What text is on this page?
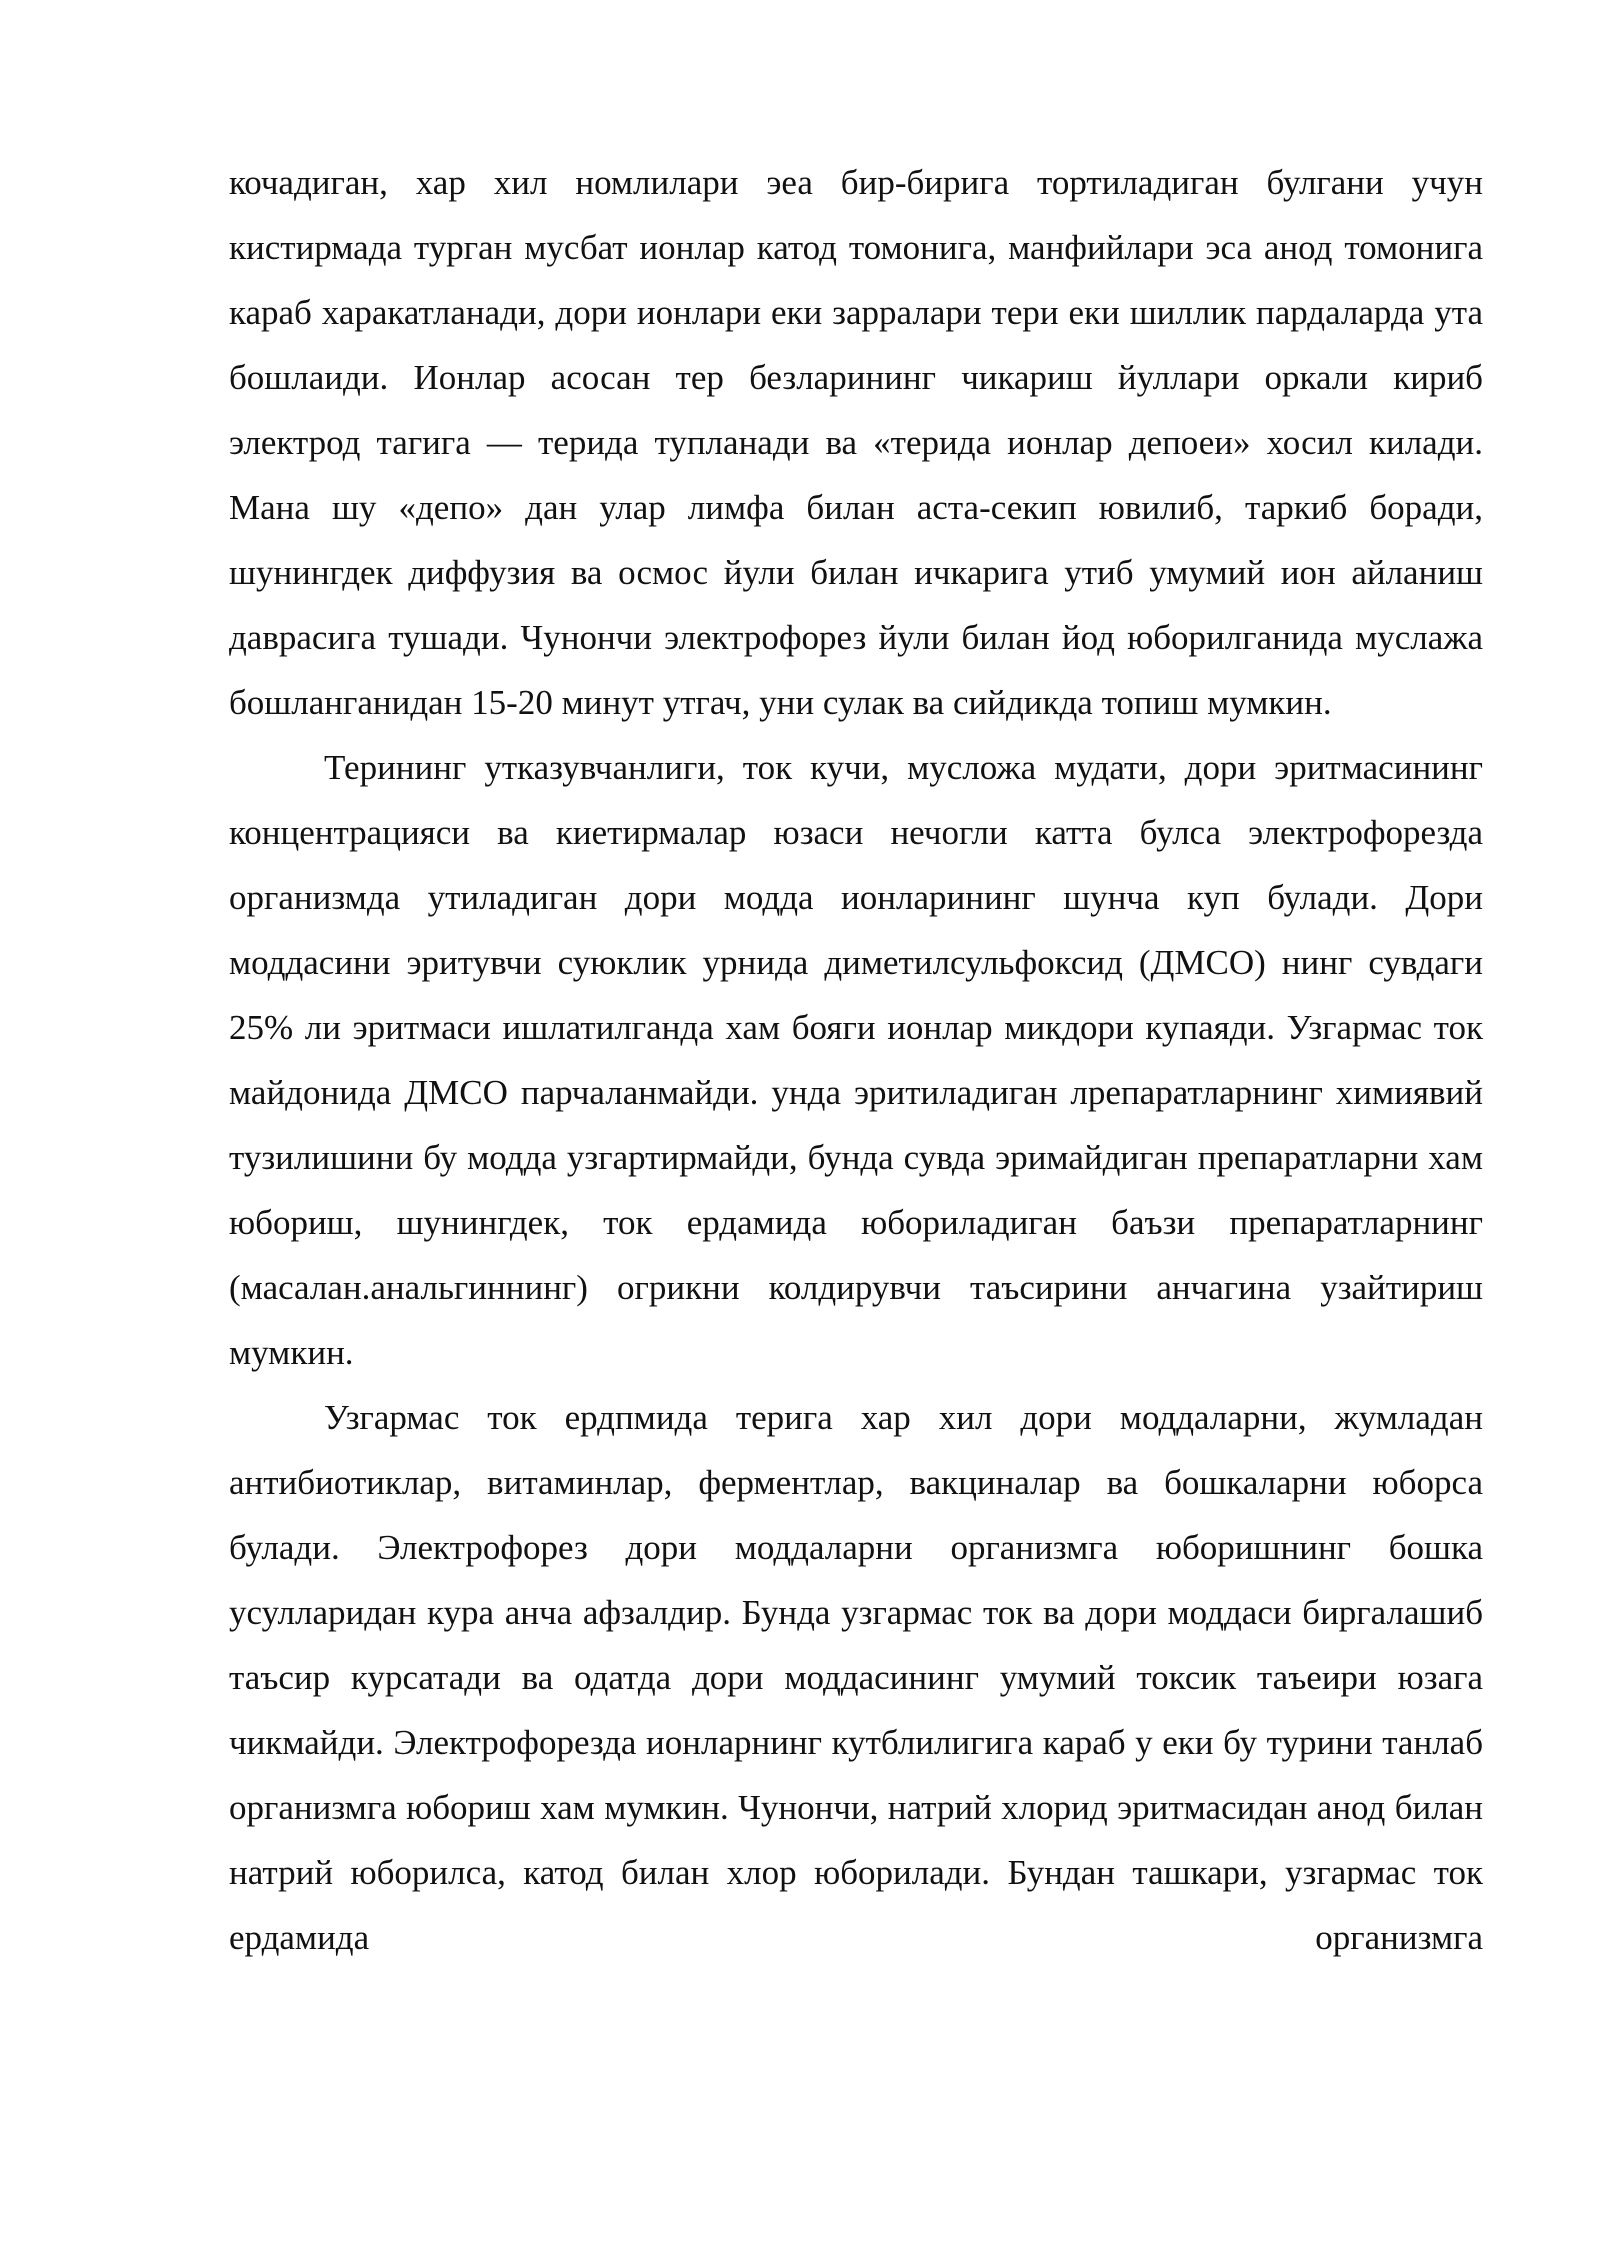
кочадиган, хар хил номлилари эеа бир-бирига тортиладиган булгани учун кистирмада турган мусбат ионлар катод томонига, манфийлари эса анод томонига караб харакатланади, дори ионлари еки зарралари тери еки шиллик пардаларда ута бошлаиди. Ионлар асосан тер безларининг чикариш йуллари оркали кириб электрод тагига — терида тупланади ва «терида ионлар депоеи» хосил килади. Мана шу «депо» дан улар лимфа билан аста-секип ювилиб, таркиб боради, шунингдек диффузия ва осмос йули билан ичкарига утиб умумий ион айланиш даврасига тушади. Чунончи электрофорез йули билан йод юборилганида муслажа бошланганидан 15-20 минут утгач, уни сулак ва сийдикда топиш мумкин.

Терининг утказувчанлиги, ток кучи, мусложа мудати, дори эритмасининг концентрацияси ва киетирмалар юзаси нечогли катта булса электрофорезда организмда утиладиган дори модда ионларининг шунча куп булади. Дори моддасини эритувчи суюклик урнида диметилсульфоксид (ДМСО) нинг сувдаги 25% ли эритмаси ишлатилганда хам бояги ионлар микдори купаяди. Узгармас ток майдонида ДМСО парчаланмайди. унда эритиладиган лрепаратларнинг химиявий тузилишини бу модда узгартирмайди, бунда сувда эримайдиган препаратларни хам юбориш, шунингдек, ток ердамида юбориладиган баъзи препаратларнинг (масалан.анальгиннинг) огрикни колдирувчи таъсирини анчагина узайтириш мумкин.

Узгармас ток ердпмида терига хар хил дори моддаларни, жумладан антибиотиклар, витаминлар, ферментлар, вакциналар ва бошкаларни юборса булади. Электрофорез дори моддаларни организмга юборишнинг бошка усулларидан кура анча афзалдир. Бунда узгармас ток ва дори моддаси биргалашиб таъсир курсатади ва одатда дори моддасининг умумий токсик таъеири юзага чикмайди. Электрофорезда ионларнинг кутблилигига караб у еки бу турини танлаб организмга юбориш хам мумкин. Чунончи, натрий хлорид эритмасидан анод билан натрий юборилса, катод билан хлор юборилади. Бундан ташкари, узгармас ток ердамида организмга
